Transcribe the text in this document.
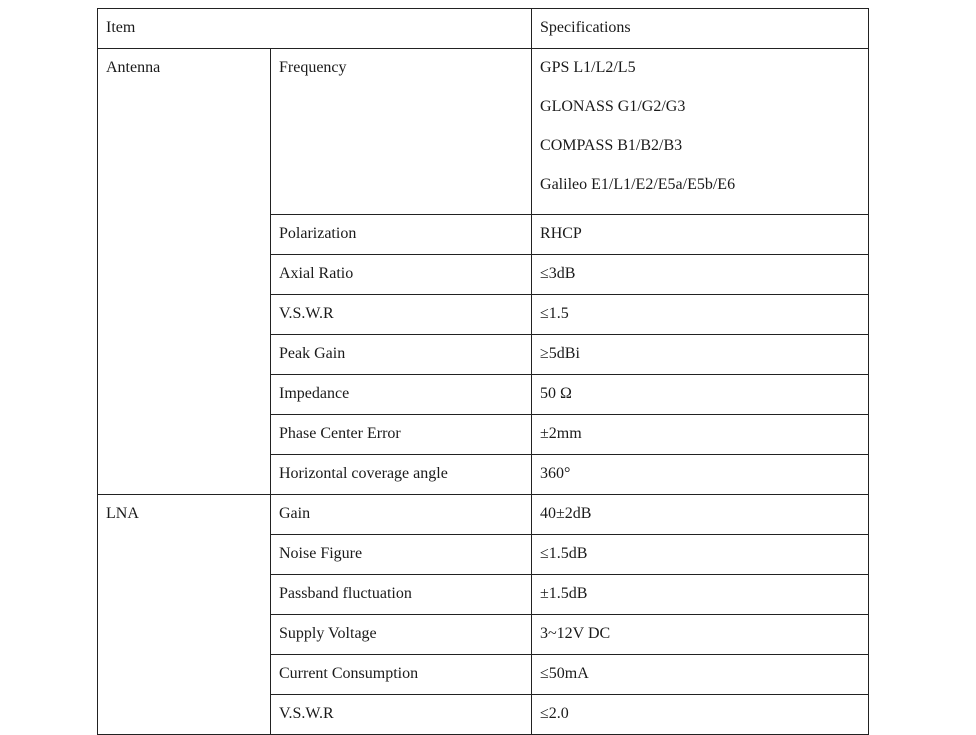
Item		Specifications
Antenna	Frequency	GPS L1/L2/L5
GLONASS G1/G2/G3
COMPASS B1/B2/B3
Galileo E1/L1/E2/E5a/E5b/E6

	Polarization	RHCP
	Axial Ratio	≤3dB
	V.S.W.R	≤1.5
	Peak Gain	≥5dBi
	Impedance	50 Ω
	Phase Center Error	±2mm
	Horizontal coverage angle	360°
LNA	Gain	40±2dB
	Noise Figure	≤1.5dB
	Passband fluctuation	±1.5dB
	Supply Voltage	3~12V DC
	Current Consumption	≤50mA
	V.S.W.R	≤2.0
